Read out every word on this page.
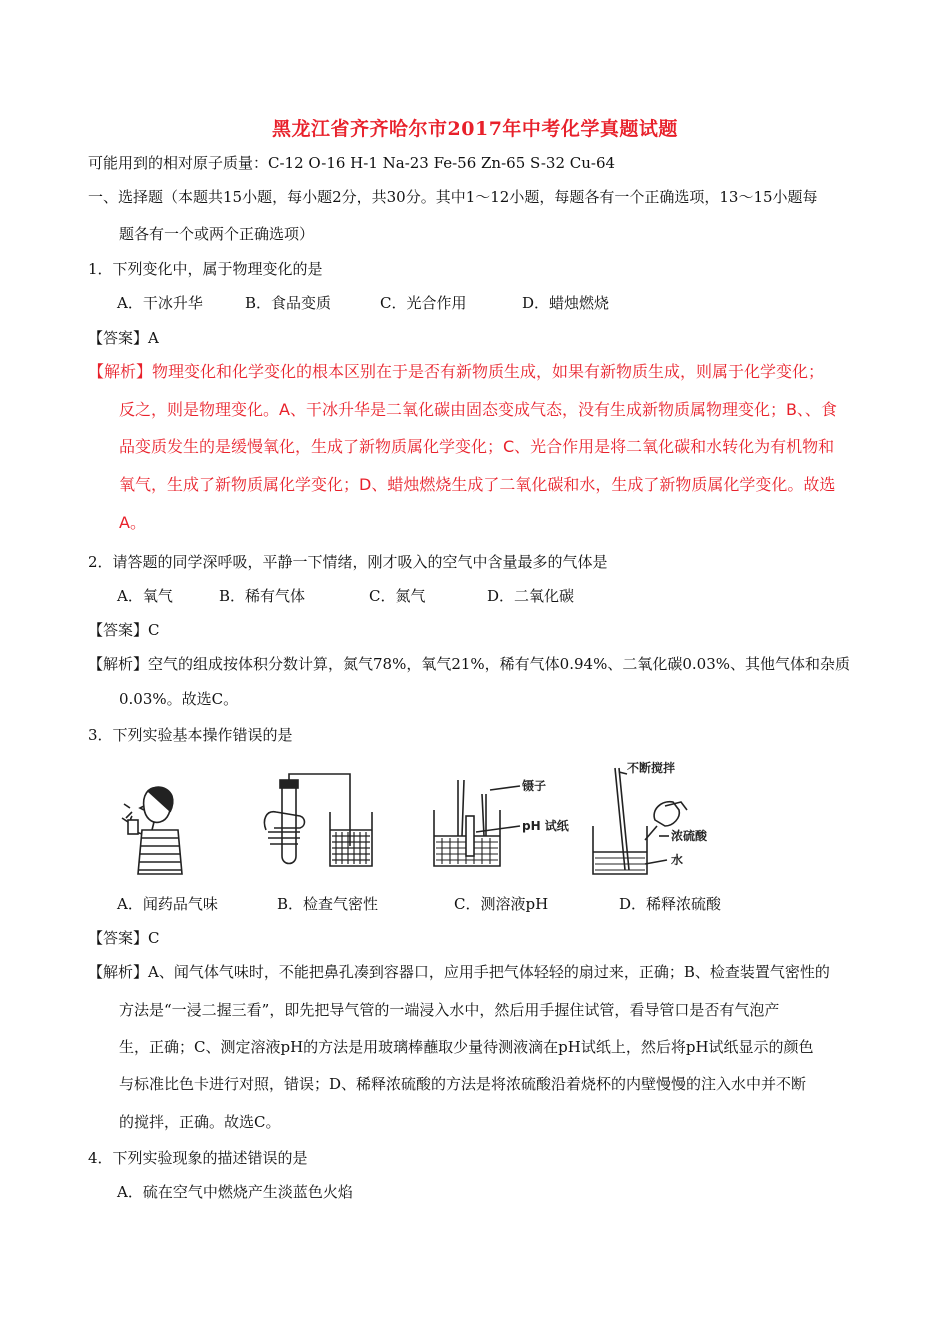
黑龙江省齐齐哈尔市2017年中考化学真题试题
可能用到的相对原子质量：C-12 O-16 H-1 Na-23 Fe-56 Zn-65 S-32 Cu-64
一、选择题（本题共15小题，每小题2分，共30分。其中1～12小题，每题各有一个正确选项，13～15小题每
题各有一个或两个正确选项）
1．下列变化中，属于物理变化的是
A．干冰升华	B．食品变质	C．光合作用	D．蜡烛燃烧
【答案】A
【解析】物理变化和化学变化的根本区别在于是否有新物质生成，如果有新物质生成，则属于化学变化；
反之，则是物理变化。A、干冰升华是二氧化碳由固态变成气态，没有生成新物质属物理变化；B、、食
品变质发生的是缓慢氧化，生成了新物质属化学变化；C、光合作用是将二氧化碳和水转化为有机物和
氧气，生成了新物质属化学变化；D、蜡烛燃烧生成了二氧化碳和水，生成了新物质属化学变化。故选
A。
2．请答题的同学深呼吸，平静一下情绪，刚才吸入的空气中含量最多的气体是
A．氧气	B．稀有气体	C．氮气	D．二氧化碳
【答案】C
【解析】空气的组成按体积分数计算，氮气78%，氧气21%，稀有气体0.94%、二氧化碳0.03%、其他气体和杂质
0.03%。故选C。
3．下列实验基本操作错误的是
镊子
pH 试纸
不断搅拌
浓硫酸
水
A．闻药品气味	B．检查气密性	C．测溶液pH	D．稀释浓硫酸
【答案】C
【解析】A、闻气体气味时，不能把鼻孔凑到容器口，应用手把气体轻轻的扇过来，正确；B、检查装置气密性的
方法是“一浸二握三看”，即先把导气管的一端浸入水中，然后用手握住试管，看导管口是否有气泡产
生，正确；C、测定溶液pH的方法是用玻璃棒蘸取少量待测液滴在pH试纸上，然后将pH试纸显示的颜色
与标准比色卡进行对照，错误；D、稀释浓硫酸的方法是将浓硫酸沿着烧杯的内壁慢慢的注入水中并不断
的搅拌，正确。故选C。
4．下列实验现象的描述错误的是
A．硫在空气中燃烧产生淡蓝色火焰
